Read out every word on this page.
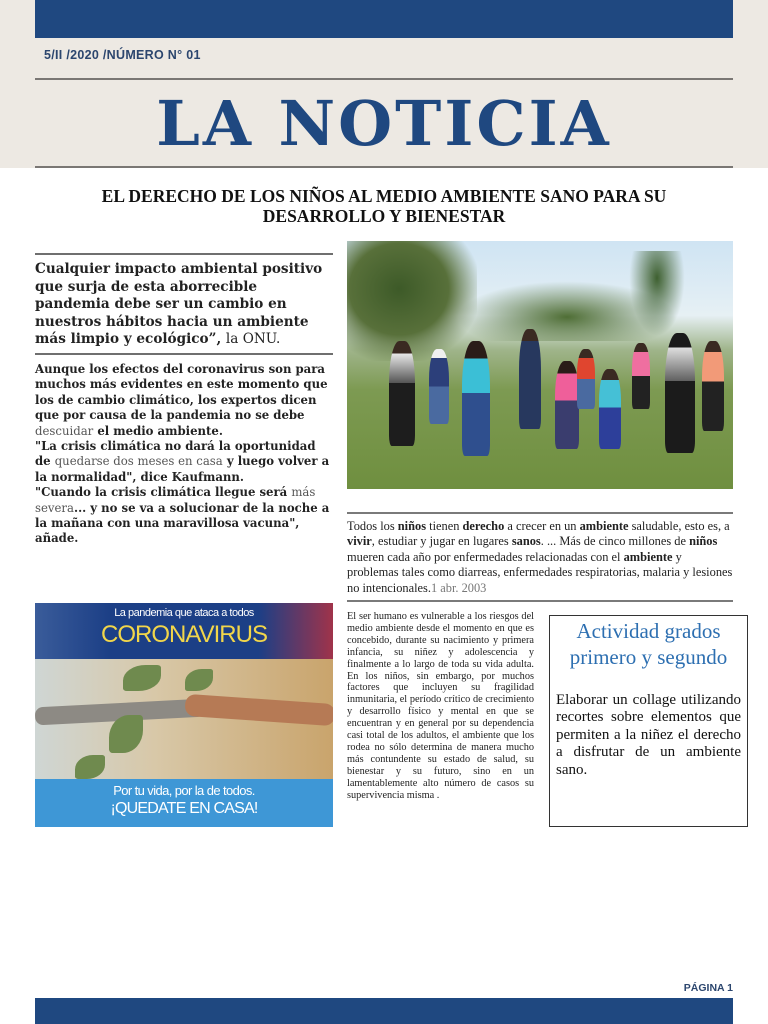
5/II /2020 /NÚMERO N° 01
LA NOTICIA
EL DERECHO DE LOS NIÑOS AL MEDIO AMBIENTE SANO PARA SU
DESARROLLO Y BIENESTAR
Cualquier impacto ambiental positivo que surja de esta aborrecible pandemia debe ser un cambio en nuestros hábitos hacia un ambiente más limpio y ecológico”, la ONU.
Aunque los efectos del coronavirus son para muchos más evidentes en este momento que los de cambio climático, los expertos dicen que por causa de la pandemia no se debe descuidar el medio ambiente.
"La crisis climática no dará la oportunidad de quedarse dos meses en casa y luego volver a la normalidad", dice Kaufmann.
"Cuando la crisis climática llegue será más severa... y no se va a solucionar de la noche a la mañana con una maravillosa vacuna", añade.
Todos los niños tienen derecho a crecer en un ambiente saludable, esto es, a vivir, estudiar y jugar en lugares sanos. ... Más de cinco millones de niños mueren cada año por enfermedades relacionadas con el ambiente y problemas tales como diarreas, enfermedades respiratorias, malaria y lesiones no intencionales.1 abr. 2003
La pandemia que ataca a todos
CORONAVIRUS
Por tu vida, por la de todos.
¡QUEDATE EN CASA!
El ser humano es vulnerable a los riesgos del medio ambiente desde el momento en que es concebido, durante su nacimiento y primera infancia, su niñez y adolescencia y finalmente a lo largo de toda su vida adulta. En los niños, sin embargo, por muchos factores que incluyen su fragilidad inmunitaria, el período crítico de crecimiento y desarrollo físico y mental en que se encuentran y en general por su dependencia casi total de los adultos, el ambiente que los rodea no sólo determina de manera mucho más contundente su estado de salud, su bienestar y su futuro, sino en un lamentablemente alto número de casos su supervivencia misma .
Actividad grados primero y segundo
Elaborar un collage utilizando recortes sobre elementos que permiten a la niñez el derecho a disfrutar de un ambiente sano.
PÁGINA 1
